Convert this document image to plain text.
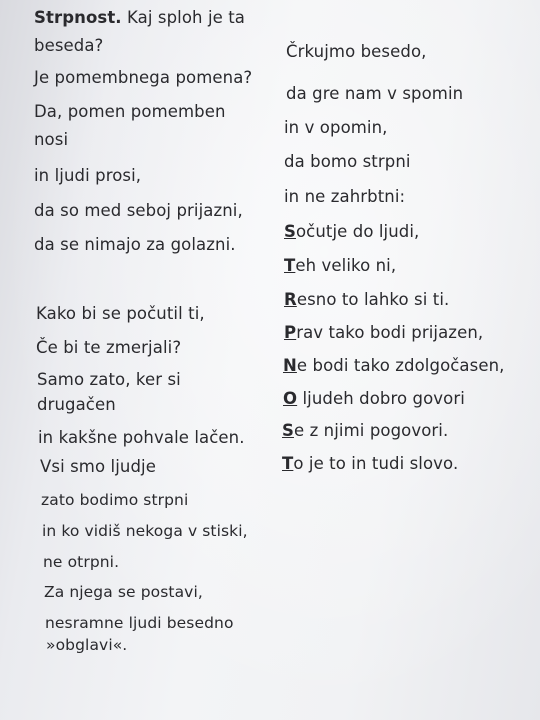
Strpnost. Kaj sploh je ta
beseda?
Je pomembnega pomena?
Da, pomen pomemben
nosi
in ljudi prosi,
da so med seboj prijazni,
da se nimajo za golazni.
Kako bi se počutil ti,
Če bi te zmerjali?
Samo zato, ker si
drugačen
in kakšne pohvale lačen.
Vsi smo ljudje
zato bodimo strpni
in ko vidiš nekoga v stiski,
ne otrpni.
Za njega se postavi,
nesramne ljudi besedno
»obglavi«.
Črkujmo besedo,
da gre nam v spomin
in v opomin,
da bomo strpni
in ne zahrbtni:
Sočutje do ljudi,
Teh veliko ni,
Resno to lahko si ti.
Prav tako bodi prijazen,
Ne bodi tako zdolgočasen,
O ljudeh dobro govori
Se z njimi pogovori.
To je to in tudi slovo.
